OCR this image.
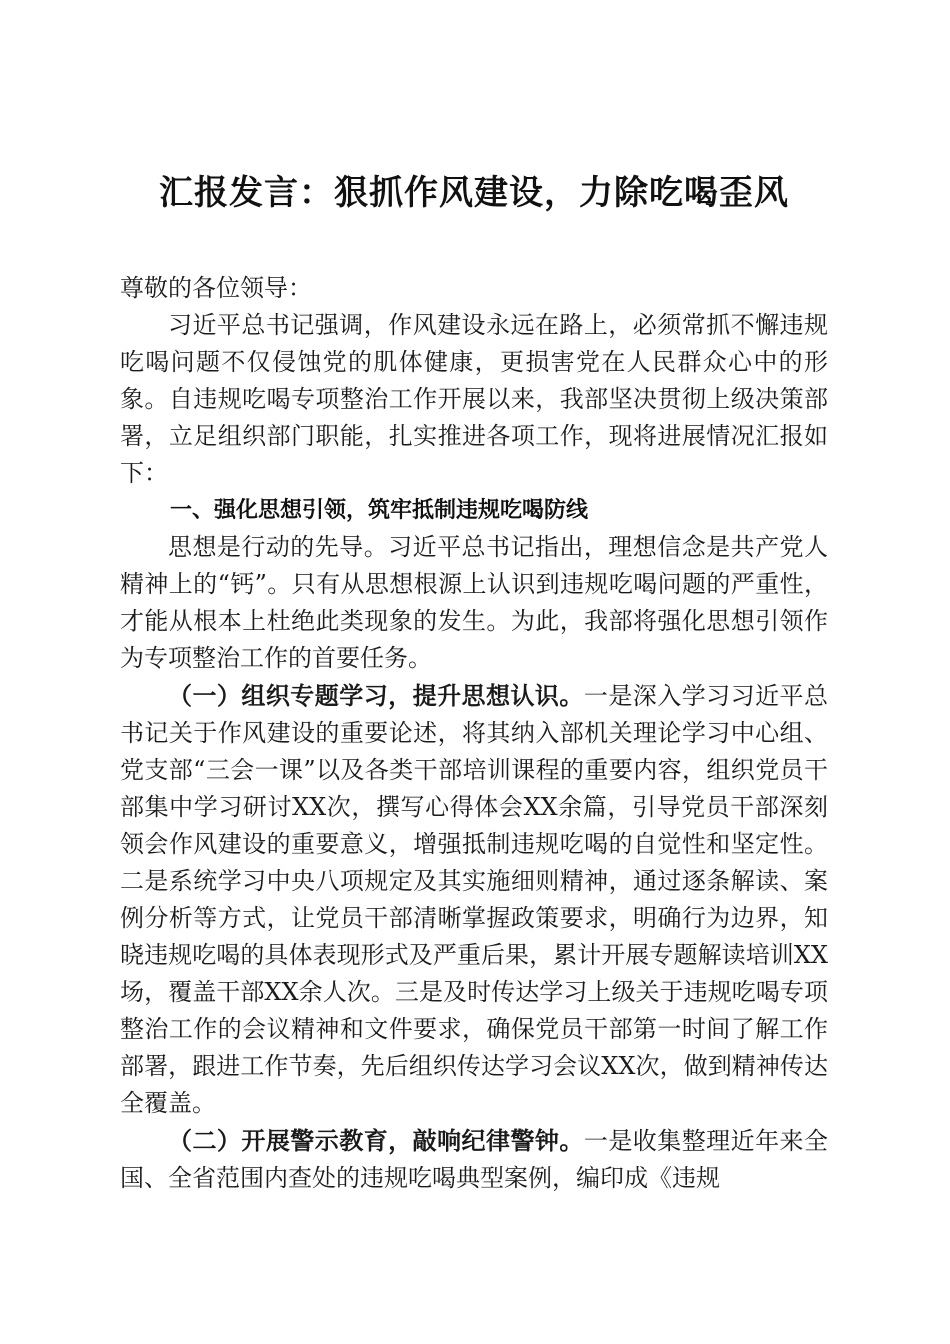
汇报发言：狠抓作风建设，力除吃喝歪风

尊敬的各位领导：

习近平总书记强调，作风建设永远在路上，必须常抓不懈违规吃喝问题不仅侵蚀党的肌体健康，更损害党在人民群众心中的形象。自违规吃喝专项整治工作开展以来，我部坚决贯彻上级决策部署，立足组织部门职能，扎实推进各项工作，现将进展情况汇报如下：

一、强化思想引领，筑牢抵制违规吃喝防线

思想是行动的先导。习近平总书记指出，理想信念是共产党人精神上的“钙”。只有从思想根源上认识到违规吃喝问题的严重性，才能从根本上杜绝此类现象的发生。为此，我部将强化思想引领作为专项整治工作的首要任务。

（一）组织专题学习，提升思想认识。一是深入学习习近平总书记关于作风建设的重要论述，将其纳入部机关理论学习中心组、党支部“三会一课”以及各类干部培训课程的重要内容，组织党员干部集中学习研讨XX次，撰写心得体会XX余篇，引导党员干部深刻领会作风建设的重要意义，增强抵制违规吃喝的自觉性和坚定性。二是系统学习中央八项规定及其实施细则精神，通过逐条解读、案例分析等方式，让党员干部清晰掌握政策要求，明确行为边界，知晓违规吃喝的具体表现形式及严重后果，累计开展专题解读培训XX场，覆盖干部XX余人次。三是及时传达学习上级关于违规吃喝专项整治工作的会议精神和文件要求，确保党员干部第一时间了解工作部署，跟进工作节奏，先后组织传达学习会议XX次，做到精神传达全覆盖。

（二）开展警示教育，敲响纪律警钟。一是收集整理近年来全国、全省范围内查处的违规吃喝典型案例，编印成《违规
